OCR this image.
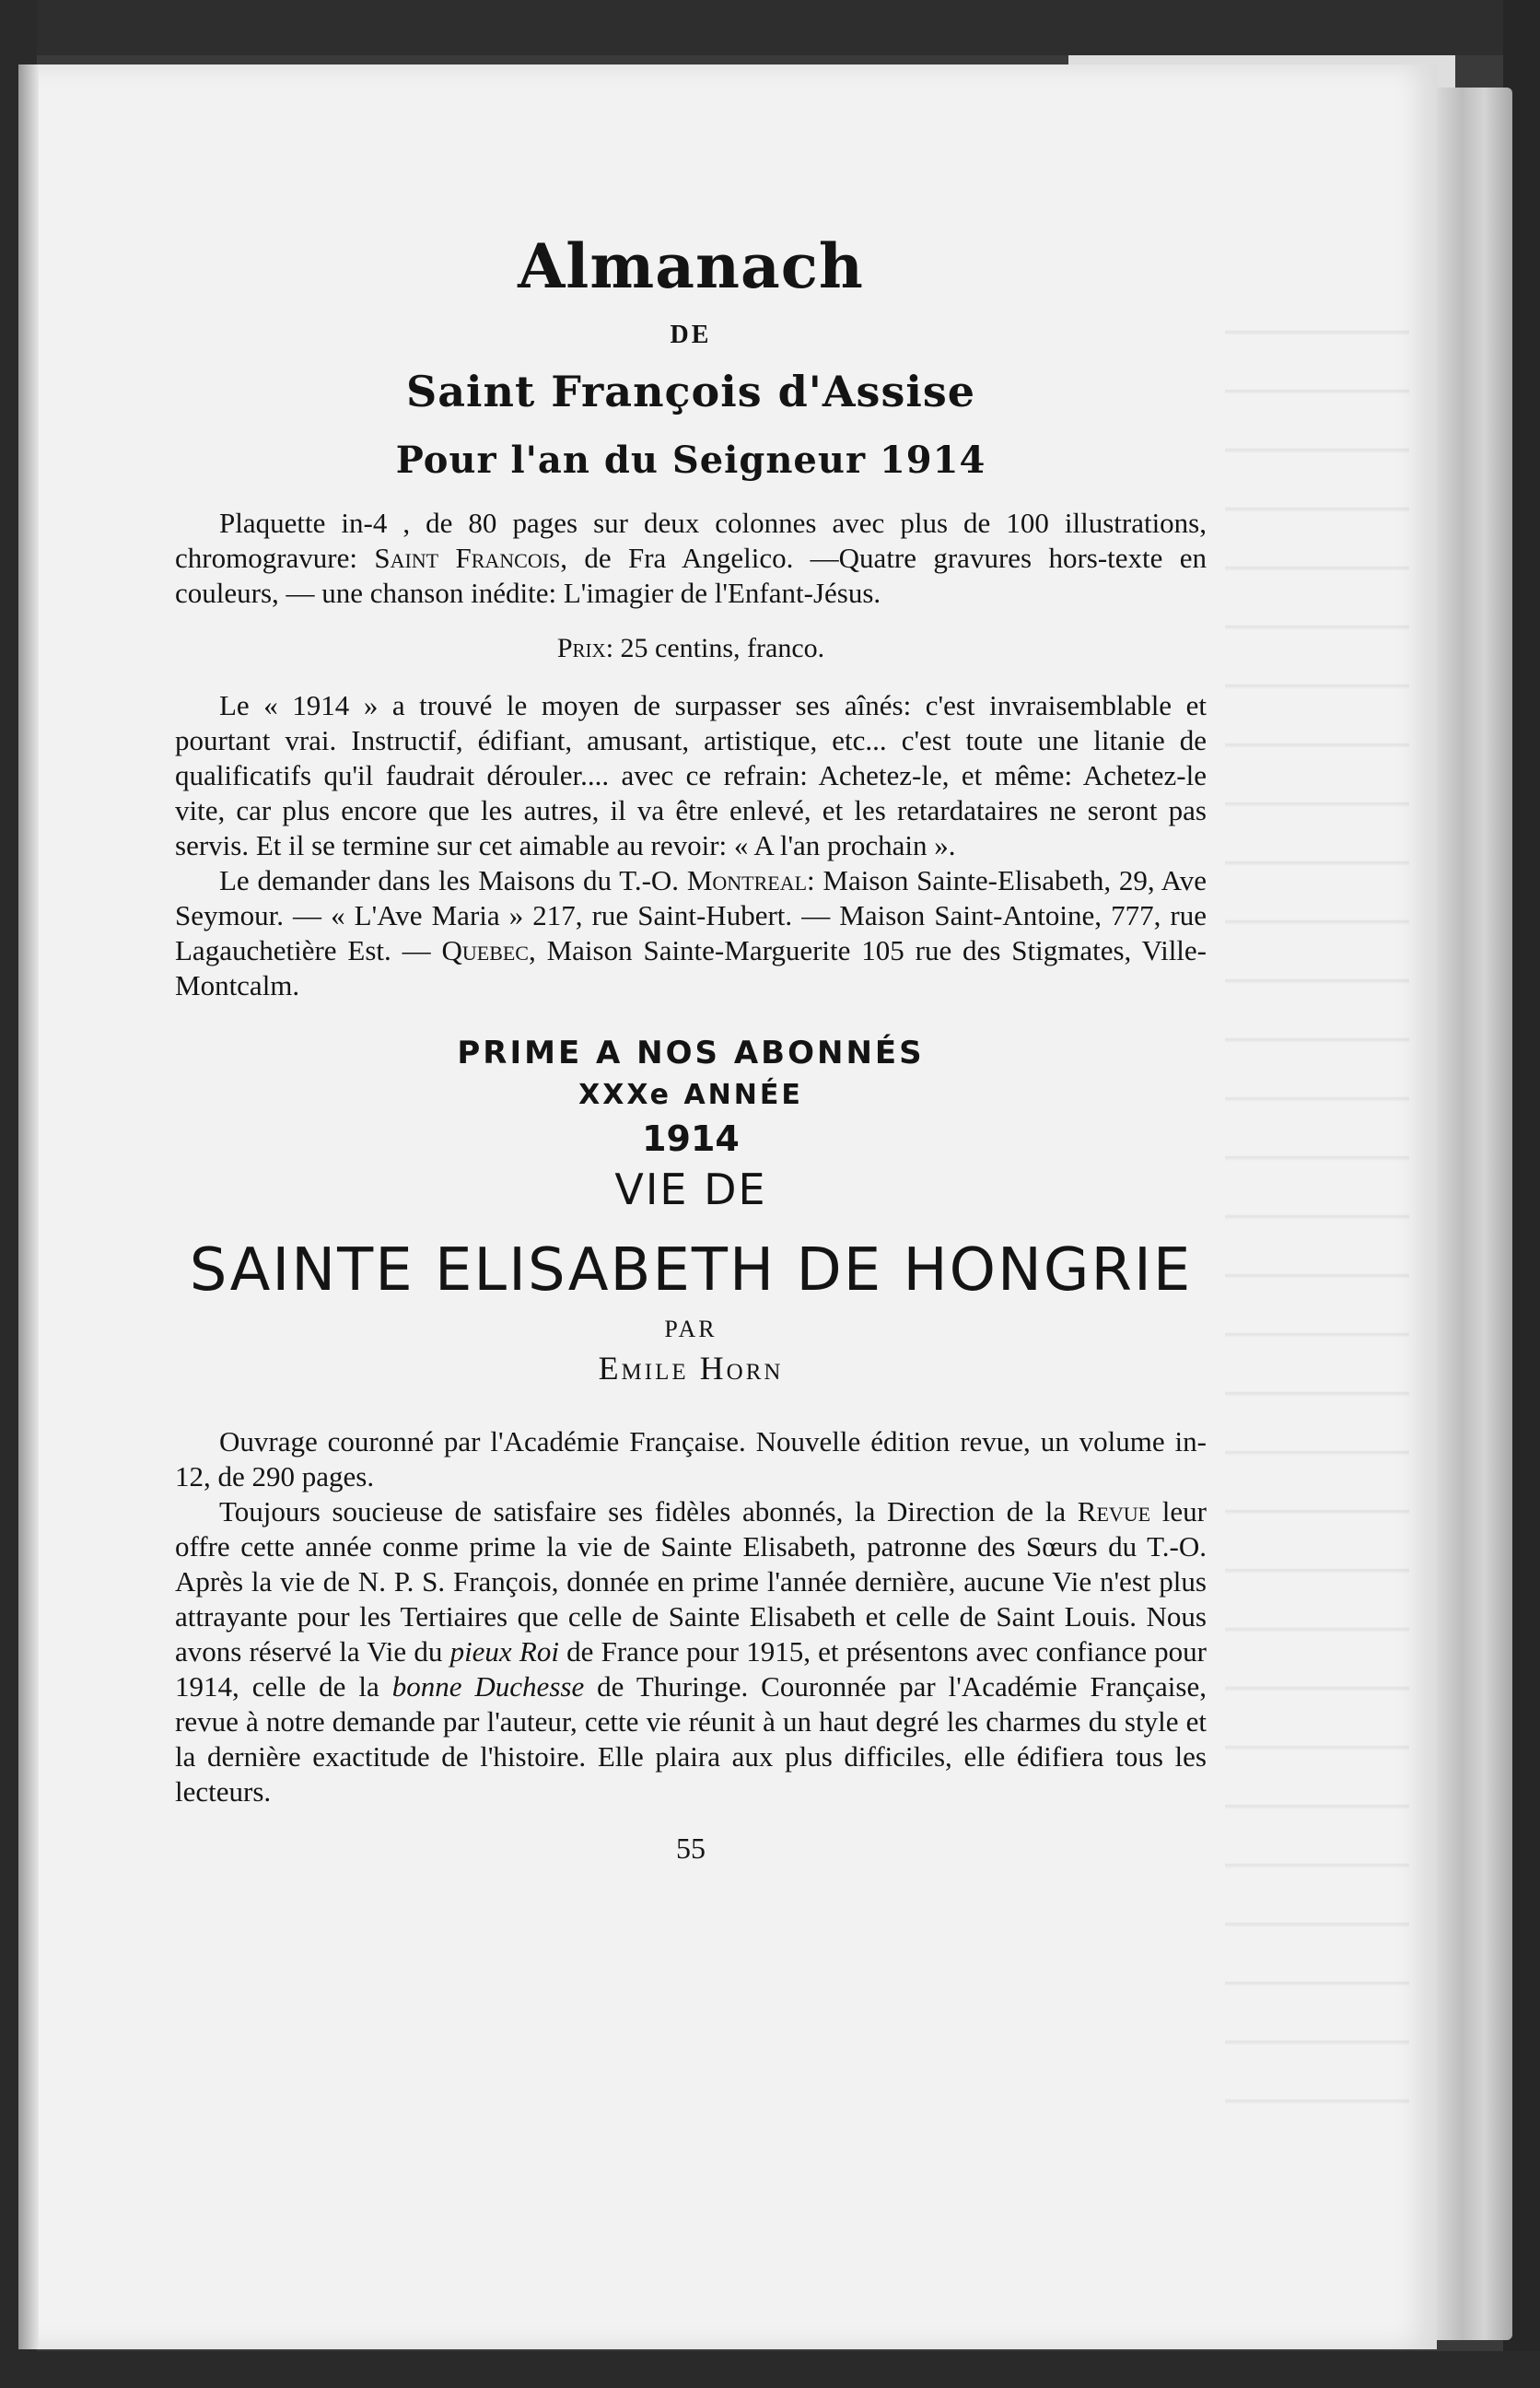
Almanach
DE
Saint François d'Assise
Pour l'an du Seigneur 1914

Plaquette in-4 , de 80 pages sur deux colonnes avec plus de 100 illustrations, chromogravure: Saint Francois, de Fra Angelico. —Quatre gravures hors-texte en couleurs, — une chanson inédite: L'imagier de l'Enfant-Jésus.

Prix: 25 centins, franco.

Le « 1914 » a trouvé le moyen de surpasser ses aînés: c'est invraisemblable et pourtant vrai. Instructif, édifiant, amusant, artistique, etc... c'est toute une litanie de qualificatifs qu'il faudrait dérouler.... avec ce refrain: Achetez-le, et même: Achetez-le vite, car plus encore que les autres, il va être enlevé, et les retardataires ne seront pas servis. Et il se termine sur cet aimable au revoir: « A l'an prochain ».

Le demander dans les Maisons du T.-O. Montreal: Maison Sainte-Elisabeth, 29, Ave Seymour. — « L'Ave Maria » 217, rue Saint-Hubert. — Maison Saint-Antoine, 777, rue Lagauchetière Est. — Quebec, Maison Sainte-Marguerite 105 rue des Stigmates, Ville-Montcalm.

PRIME A NOS ABONNÉS
XXXe ANNÉE
1914
VIE DE
SAINTE ELISABETH DE HONGRIE
PAR
Emile Horn

Ouvrage couronné par l'Académie Française. Nouvelle édition revue, un volume in-12, de 290 pages.

Toujours soucieuse de satisfaire ses fidèles abonnés, la Direction de la Revue leur offre cette année conme prime la vie de Sainte Elisabeth, patronne des Sœurs du T.-O. Après la vie de N. P. S. François, donnée en prime l'année dernière, aucune Vie n'est plus attrayante pour les Tertiaires que celle de Sainte Elisabeth et celle de Saint Louis. Nous avons réservé la Vie du pieux Roi de France pour 1915, et présentons avec confiance pour 1914, celle de la bonne Duchesse de Thuringe. Couronnée par l'Académie Française, revue à notre demande par l'auteur, cette vie réunit à un haut degré les charmes du style et la dernière exactitude de l'histoire. Elle plaira aux plus difficiles, elle édifiera tous les lecteurs.

55
